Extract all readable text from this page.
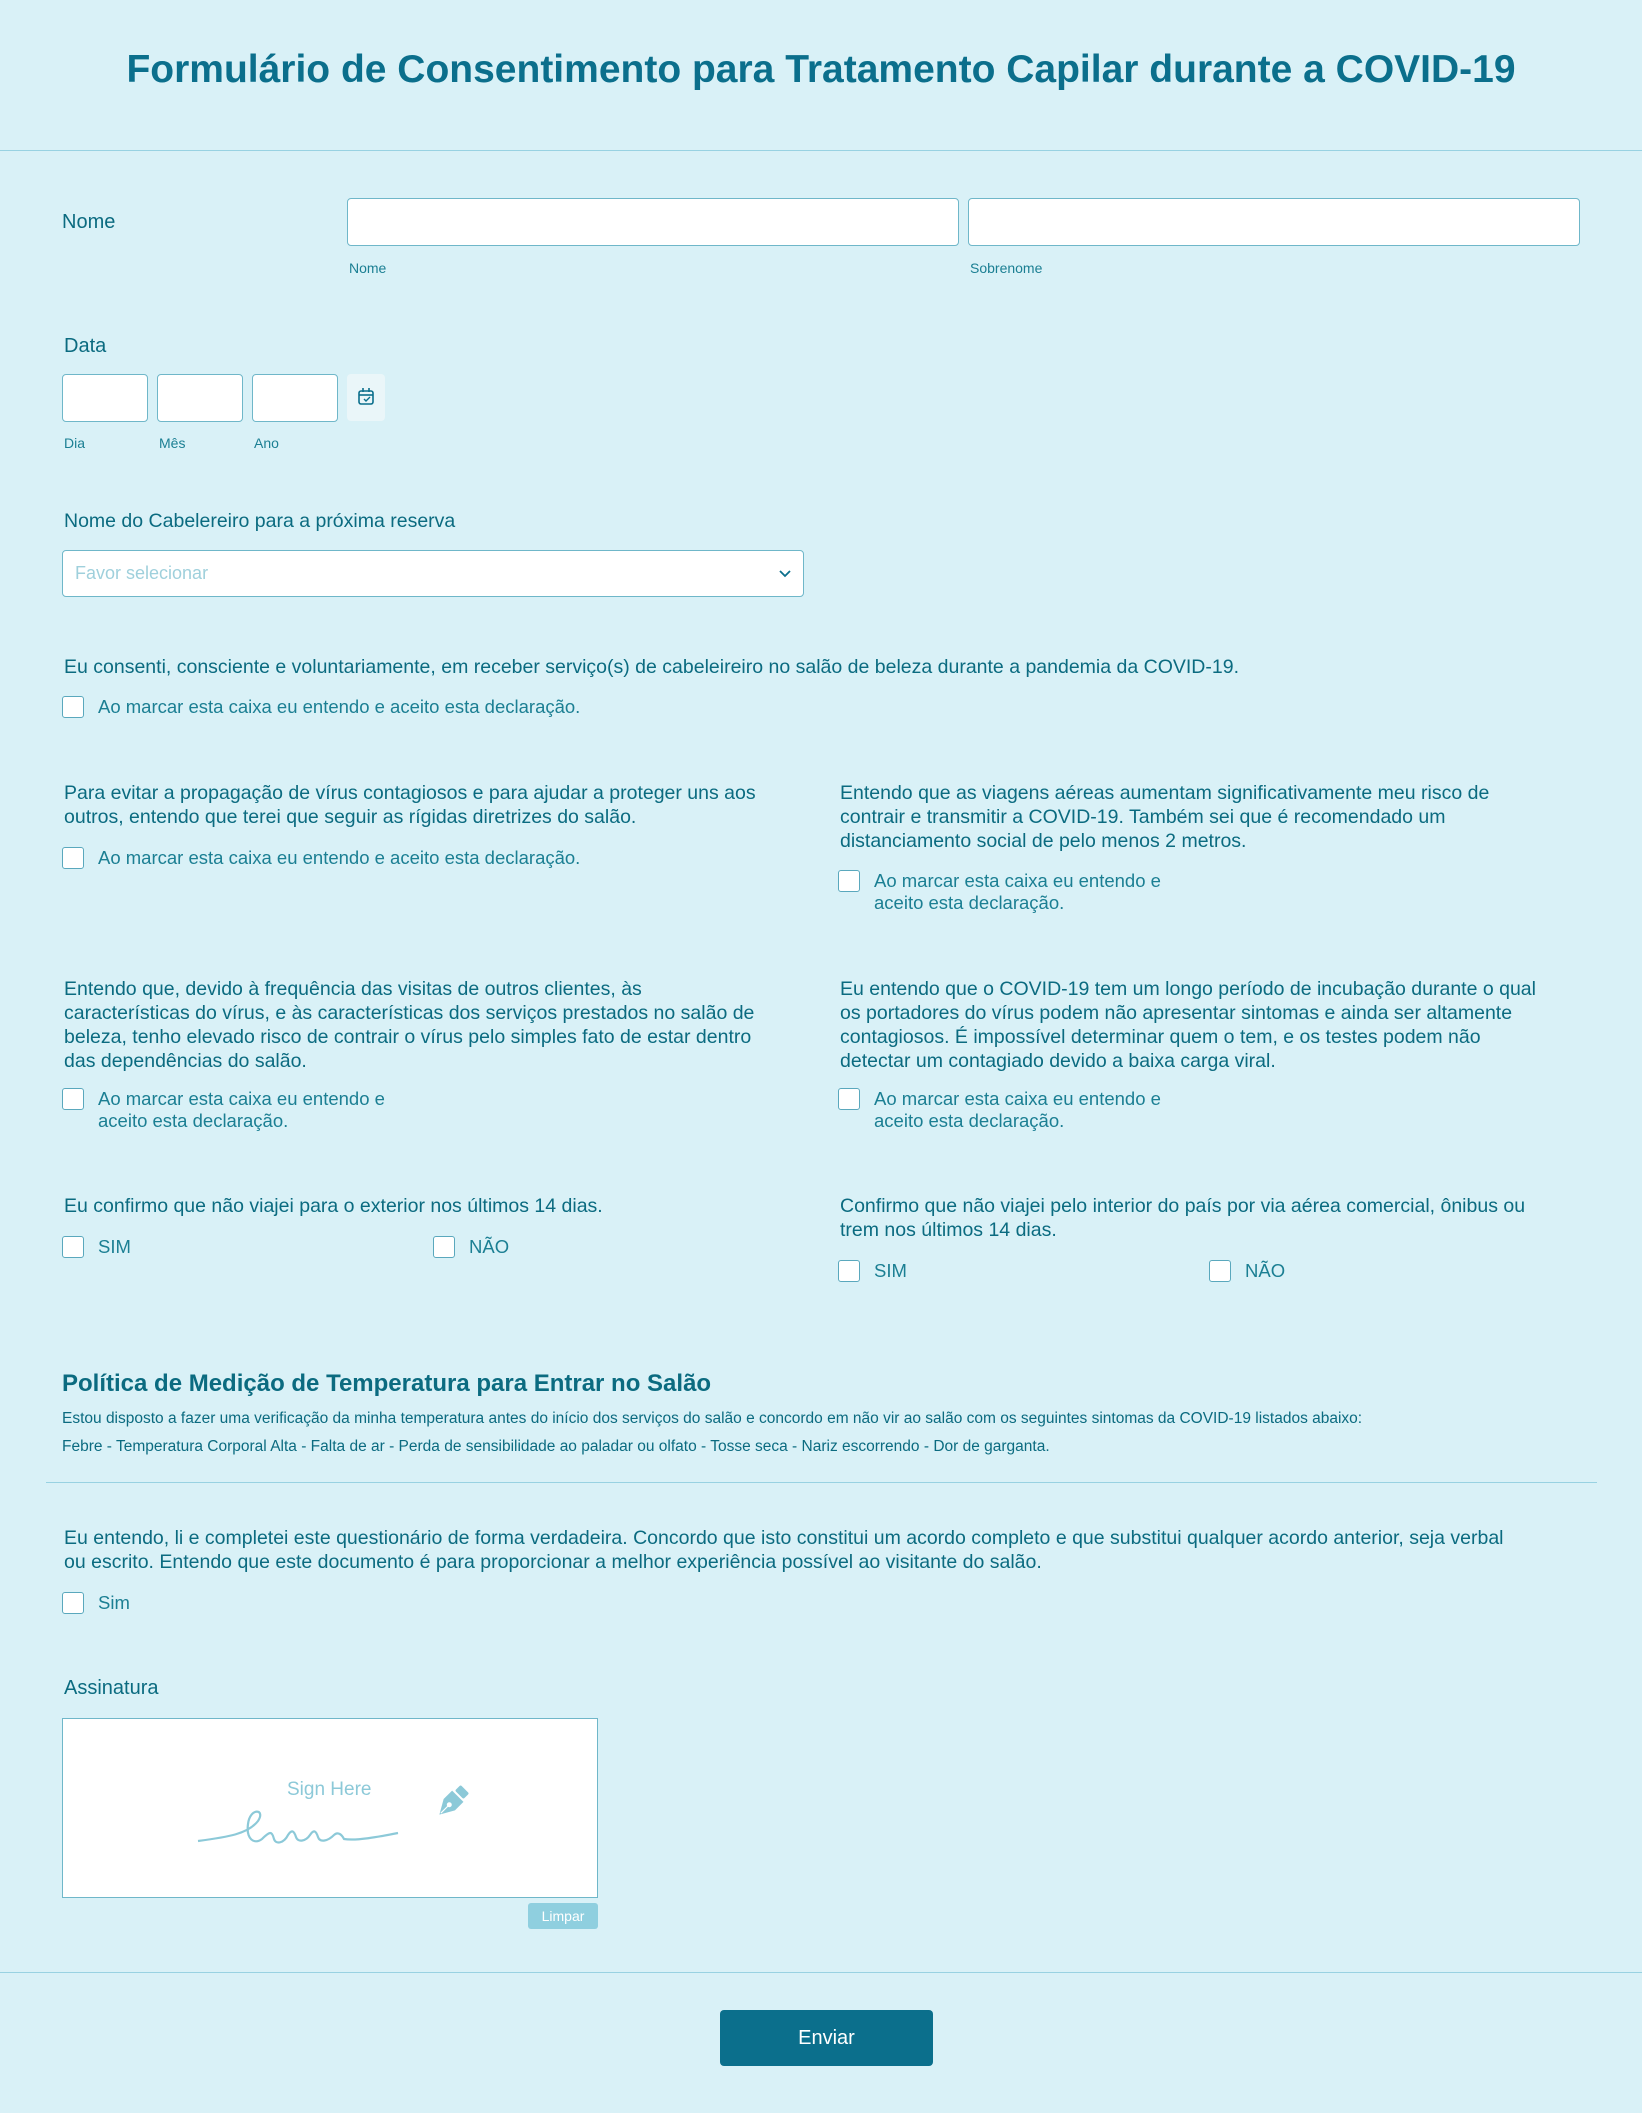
Formulário de Consentimento para Tratamento Capilar durante a COVID-19
Nome
Nome	Sobrenome
Data
Dia	Mês	Ano
Nome do Cabelereiro para a próxima reserva
Favor selecionar
Eu consenti, consciente e voluntariamente, em receber serviço(s) de cabeleireiro no salão de beleza durante a pandemia da COVID-19.
Ao marcar esta caixa eu entendo e aceito esta declaração.
Para evitar a propagação de vírus contagiosos e para ajudar a proteger uns aos
outros, entendo que terei que seguir as rígidas diretrizes do salão.
Ao marcar esta caixa eu entendo e aceito esta declaração.
Entendo que as viagens aéreas aumentam significativamente meu risco de
contrair e transmitir a COVID-19. Também sei que é recomendado um
distanciamento social de pelo menos 2 metros.
Ao marcar esta caixa eu entendo e
aceito esta declaração.
Entendo que, devido à frequência das visitas de outros clientes, às
características do vírus, e às características dos serviços prestados no salão de
beleza, tenho elevado risco de contrair o vírus pelo simples fato de estar dentro
das dependências do salão.
Ao marcar esta caixa eu entendo e
aceito esta declaração.
Eu entendo que o COVID-19 tem um longo período de incubação durante o qual
os portadores do vírus podem não apresentar sintomas e ainda ser altamente
contagiosos. É impossível determinar quem o tem, e os testes podem não
detectar um contagiado devido a baixa carga viral.
Ao marcar esta caixa eu entendo e
aceito esta declaração.
Eu confirmo que não viajei para o exterior nos últimos 14 dias.
SIM	NÃO
Confirmo que não viajei pelo interior do país por via aérea comercial, ônibus ou
trem nos últimos 14 dias.
SIM	NÃO
Política de Medição de Temperatura para Entrar no Salão
Estou disposto a fazer uma verificação da minha temperatura antes do início dos serviços do salão e concordo em não vir ao salão com os seguintes sintomas da COVID-19 listados abaixo:
Febre - Temperatura Corporal Alta - Falta de ar - Perda de sensibilidade ao paladar ou olfato - Tosse seca - Nariz escorrendo - Dor de garganta.
Eu entendo, li e completei este questionário de forma verdadeira. Concordo que isto constitui um acordo completo e que substitui qualquer acordo anterior, seja verbal
ou escrito. Entendo que este documento é para proporcionar a melhor experiência possível ao visitante do salão.
Sim
Assinatura
Sign Here
Limpar
Enviar
